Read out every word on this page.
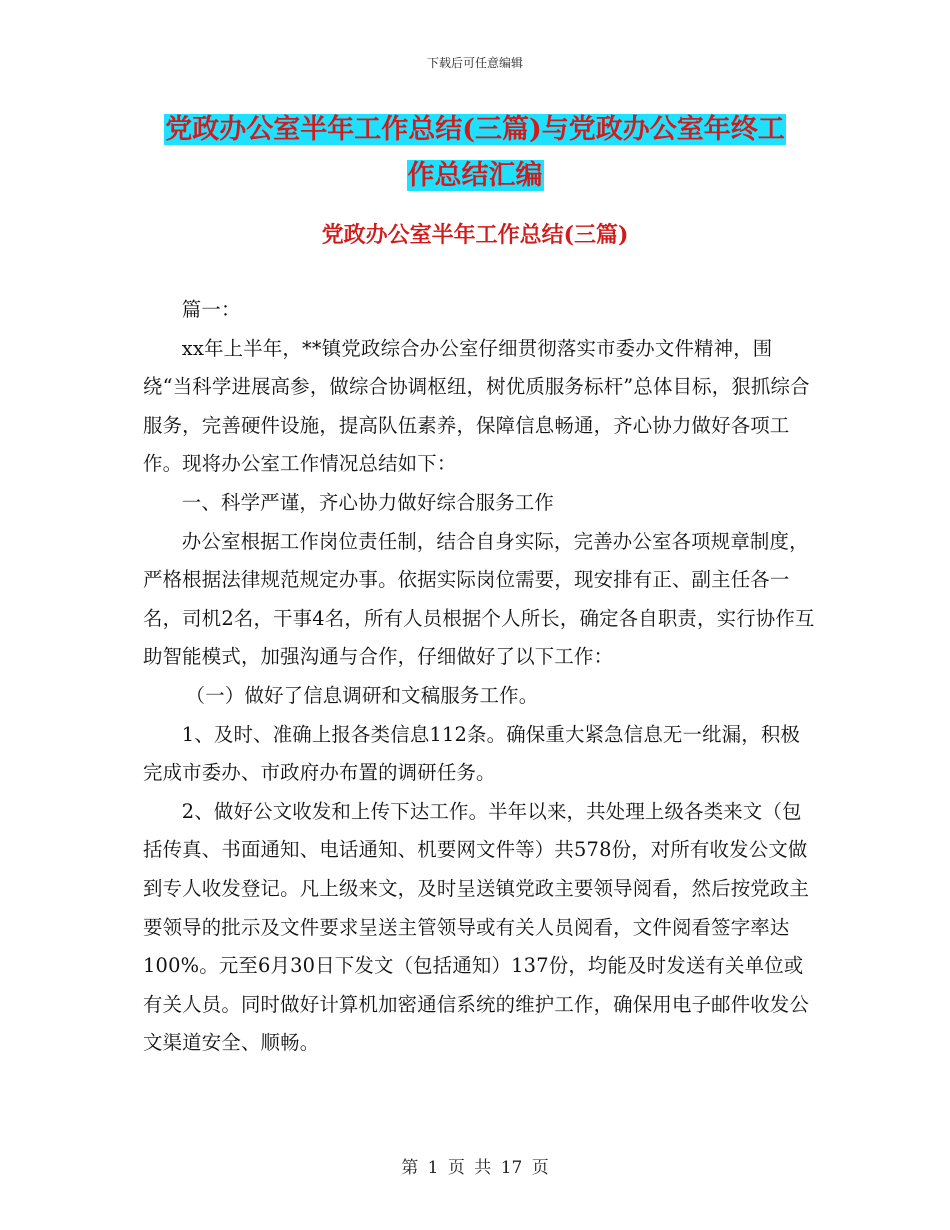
下载后可任意编辑
党政办公室半年工作总结(三篇)与党政办公室年终工
作总结汇编
党政办公室半年工作总结(三篇)

篇一：

xx年上半年，**镇党政综合办公室仔细贯彻落实市委办文件精神，围绕“当科学进展高参，做综合协调枢纽，树优质服务标杆”总体目标，狠抓综合服务，完善硬件设施，提高队伍素养，保障信息畅通，齐心协力做好各项工作。现将办公室工作情况总结如下：

一、科学严谨，齐心协力做好综合服务工作

办公室根据工作岗位责任制，结合自身实际，完善办公室各项规章制度，严格根据法律规范规定办事。依据实际岗位需要，现安排有正、副主任各一名，司机2名，干事4名，所有人员根据个人所长，确定各自职责，实行协作互助智能模式，加强沟通与合作，仔细做好了以下工作：

（一）做好了信息调研和文稿服务工作。

1、及时、准确上报各类信息112条。确保重大紧急信息无一纰漏，积极完成市委办、市政府办布置的调研任务。

2、做好公文收发和上传下达工作。半年以来，共处理上级各类来文（包括传真、书面通知、电话通知、机要网文件等）共578份，对所有收发公文做到专人收发登记。凡上级来文，及时呈送镇党政主要领导阅看，然后按党政主要领导的批示及文件要求呈送主管领导或有关人员阅看，文件阅看签字率达100%。元至6月30日下发文（包括通知）137份，均能及时发送有关单位或有关人员。同时做好计算机加密通信系统的维护工作，确保用电子邮件收发公文渠道安全、顺畅。

第 1 页 共 17 页
